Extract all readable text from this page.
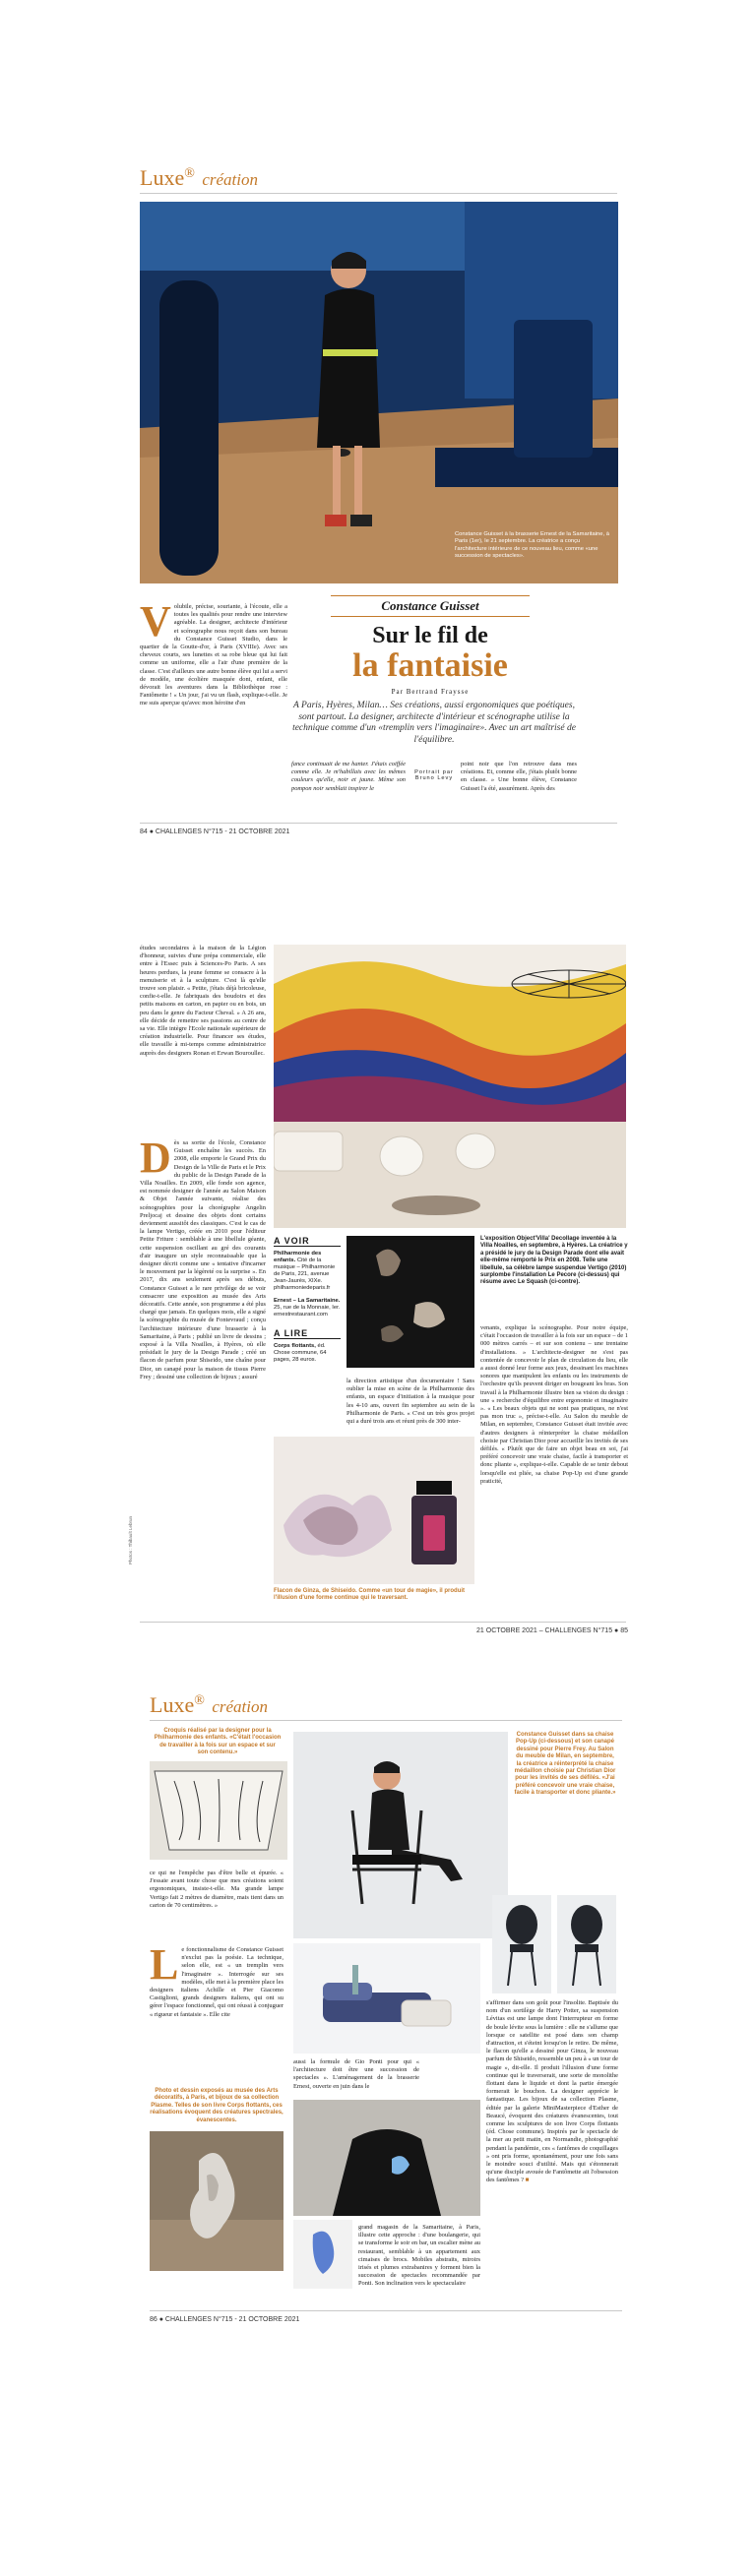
Luxe® création
Constance Guisset à la brasserie Ernest de la Samaritaine, à Paris (1er), le 21 septembre. La créatrice a conçu l'architecture intérieure de ce nouveau lieu, comme «une succession de spectacles».
Constance Guisset
Sur le fil de
la fantaisie
Par Bertrand Fraysse
A Paris, Hyères, Milan… Ses créations, aussi ergonomiques que poétiques, sont partout. La designer, architecte d'intérieur et scénographe utilise la technique comme d'un «tremplin vers l'imaginaire». Avec un art maîtrisé de l'équilibre.
V olubile, précise, souriante, à l'écoute, elle a toutes les qualités pour rendre une interview agréable. La designer, architecte d'intérieur et scénographe nous reçoit dans son bureau du Constance Guisset Studio, dans le quartier de la Goutte-d'or, à Paris (XVIIIe). Avec ses cheveux courts, ses lunettes et sa robe bleue qui lui fait comme un uniforme, elle a l'air d'une première de la classe. C'est d'ailleurs une autre bonne élève qui lui a servi de modèle, une écolière masquée dont, enfant, elle dévorait les aventures dans la Bibliothèque rose : Fantômette ! « Un jour, j'ai vu un flash, explique-t-elle. Je me suis aperçue qu'avec mon héroïne d'en
fance continuait de me hanter. J'étais coiffée comme elle. Je m'habillais avec les mêmes couleurs qu'elle, noir et jaune. Même son pompon noir semblait inspirer le
Portrait par Bruno Levy
point noir que l'on retrouve dans mes créations. Et, comme elle, j'étais plutôt bonne en classe. » Une bonne élève, Constance Guisset l'a été, assurément. Après des
84 ● CHALLENGES N°715 - 21 OCTOBRE 2021
études secondaires à la maison de la Légion d'honneur, suivies d'une prépa commerciale, elle entre à l'Essec puis à Sciences-Po Paris. A ses heures perdues, la jeune femme se consacre à la menuiserie et à la sculpture. C'est là qu'elle trouve son plaisir. « Petite, j'étais déjà bricoleuse, confie-t-elle. Je fabriquais des boudoirs et des petits maisons en carton, en papier ou en bois, un peu dans le genre du Facteur Cheval. » A 26 ans, elle décide de remettre ses passions au centre de sa vie. Elle intègre l'Ecole nationale supérieure de création industrielle. Pour financer ses études, elle travaille à mi-temps comme administratrice auprès des designers Ronan et Erwan Bouroullec.
D ès sa sortie de l'école, Constance Guisset enchaîne les succès. En 2008, elle emporte le Grand Prix du Design de la Ville de Paris et le Prix du public de la Design Parade de la Villa Noailles. En 2009, elle fonde son agence, est nommée designer de l'année au Salon Maison & Objet l'année suivante, réalise des scénographies pour la chorégraphe Angelin Preljocaj et dessine des objets dont certains deviennent aussitôt des classiques. C'est le cas de la lampe Vertigo, créée en 2010 pour l'éditeur Petite Friture : semblable à une libellule géante, cette suspension oscillant au gré des courants d'air inaugure un style reconnaissable que la designer décrit comme une « tentative d'incarner le mouvement par la légèreté ou la surprise ». En 2017, dix ans seulement après ses débuts, Constance Guisset a le rare privilège de se voir consacrer une exposition au musée des Arts décoratifs. Cette année, son programme a été plus chargé que jamais. En quelques mois, elle a signé la scénographie du musée de Fontevraud ; conçu l'architecture intérieure d'une brasserie à la Samaritaine, à Paris ; publié un livre de dessins ; exposé à la Villa Noailles, à Hyères, où elle présidait le jury de la Design Parade ; créé un flacon de parfum pour Shiseido, une chaîne pour Dior, un canapé pour la maison de tissus Pierre Frey ; dessiné une collection de bijoux ; assuré
A VOIR
Philharmonie des enfants. Cité de la musique – Philharmonie de Paris, 221, avenue Jean-Jaurès, XIXe. philharmoniedeparis.fr
Ernest – La Samaritaine. 25, rue de la Monnaie, Ier. ernestrestaurant.com
A LIRE
Corps flottants, éd. Chose commune, 64 pages, 28 euros.
L'exposition Object'Villa' Decollage inventée à la Villa Noailles, en septembre, à Hyères. La créatrice y a présidé le jury de la Design Parade dont elle avait elle-même remporté le Prix en 2008. Telle une libellule, sa célèbre lampe suspendue Vertigo (2010) surplombe l'installation Le Pecore (ci-dessus) qui résume avec Le Squash (ci-contre).
la direction artistique d'un documentaire ! Sans oublier la mise en scène de la Philharmonie des enfants, un espace d'initiation à la musique pour les 4-10 ans, ouvert fin septembre au sein de la Philharmonie de Paris. « C'est un très gros projet qui a duré trois ans et réuni près de 300 inter-
venants, explique la scénographe. Pour notre équipe, c'était l'occasion de travailler à la fois sur un espace – de 1 000 mètres carrés – et sur son contenu – une trentaine d'installations. » L'architecte-designer ne s'est pas contentée de concevoir le plan de circulation du lieu, elle a aussi donné leur forme aux jeux, dessinant les machines sonores que manipulent les enfants ou les instruments de l'orchestre qu'ils peuvent diriger en bougeant les bras. Son travail à la Philharmonie illustre bien sa vision du design : une « recherche d'équilibre entre ergonomie et imaginaire ». « Les beaux objets qui ne sont pas pratiques, ne n'est pas mon truc », précise-t-elle. Au Salon du meuble de Milan, en septembre, Constance Guisset était invitée avec d'autres designers à réinterpréter la chaise médaillon choisie par Christian Dior pour accueillir les invités de ses défilés. « Plutôt que de faire un objet beau en soi, j'ai préféré concevoir une vraie chaise, facile à transporter et donc pliante », explique-t-elle. Capable de se tenir debout lorsqu'elle est pliée, sa chaise Pop-Up est d'une grande praticité,
Flacon de Ginza, de Shiseido. Comme «un tour de magie», il produit l'illusion d'une forme continue qui le traversant.
Photos : Thibault Lebrun
21 OCTOBRE 2021 – CHALLENGES N°715 ● 85
Luxe® création
Croquis réalisé par la designer pour la Philharmonie des enfants. «C'était l'occasion de travailler à la fois sur un espace et sur son contenu.»
Constance Guisset dans sa chaise Pop-Up (ci-dessous) et son canapé dessiné pour Pierre Frey. Au Salon du meuble de Milan, en septembre, la créatrice a réinterprété la chaise médaillon choisie par Christian Dior pour les invités de ses défilés. «J'ai préféré concevoir une vraie chaise, facile à transporter et donc pliante.»
ce qui ne l'empêche pas d'être belle et épurée. « J'essaie avant toute chose que mes créations soient ergonomiques, insiste-t-elle. Ma grande lampe Vertigo fait 2 mètres de diamètre, mais tient dans un carton de 70 centimètres. »
L e fonctionnalisme de Constance Guisset n'exclut pas la poésie. La technique, selon elle, est « un tremplin vers l'imaginaire ». Interrogée sur ses modèles, elle met à la première place les designers italiens Achille et Pier Giacomo Castiglioni, grands designers italiens, qui ont su gérer l'espace fonctionnel, qui ont réussi à conjuguer « rigueur et fantaisie ». Elle cite
Photo et dessin exposés au musée des Arts décoratifs, à Paris, et bijoux de sa collection Plasme. Telles de son livre Corps flottants, ces réalisations évoquent des créatures spectrales, évanescentes.
aussi la formule de Gio Ponti pour qui « l'architecture doit être une succession de spectacles ». L'aménagement de la brasserie Ernest, ouverte en juin dans le
grand magasin de la Samaritaine, à Paris, illustre cette approche : d'une boulangerie, qui se transforme le soir en bar, un escalier mène au restaurant, semblable à un appartement aux cimaises de brocs. Mobiles abstraits, miroirs irisés et plumes extrabanires y forment bien la succession de spectacles recommandée par Ponti. Son inclination vers le spectaculaire
s'affirmer dans son goût pour l'insolite. Baptisée du nom d'un sortilège de Harry Potter, sa suspension Lévitas est une lampe dont l'interrupteur en forme de boule lévite sous la lumière : elle ne s'allume que lorsque ce satellite est posé dans son champ d'attraction, et s'éteint lorsqu'on le retire. De même, le flacon qu'elle a dessiné pour Ginza, le nouveau parfum de Shiseido, ressemble un peu à « un tour de magie », dit-elle. Il produit l'illusion d'une forme continue qui le traverserait, une sorte de monolithe flottant dans le liquide et dont la partie émergée formerait le bouchon. La designer apprécie le fantastique. Les bijoux de sa collection Plasme, éditée par la galerie MiniMasterpiece d'Esther de Beaucé, évoquent des créatures évanescentes, tout comme les sculptures de son livre Corps flottants (éd. Chose commune). Inspirés par le spectacle de la mer au petit matin, en Normandie, photographié pendant la pandémie, ces « fantômes de coquillages » ont pris forme, spontanément, pour une fois sans le moindre souci d'utilité. Mais qui s'étonnerait qu'une disciple avouée de Fantômette ait l'obsession des fantômes ? ■
86 ● CHALLENGES N°715 - 21 OCTOBRE 2021
